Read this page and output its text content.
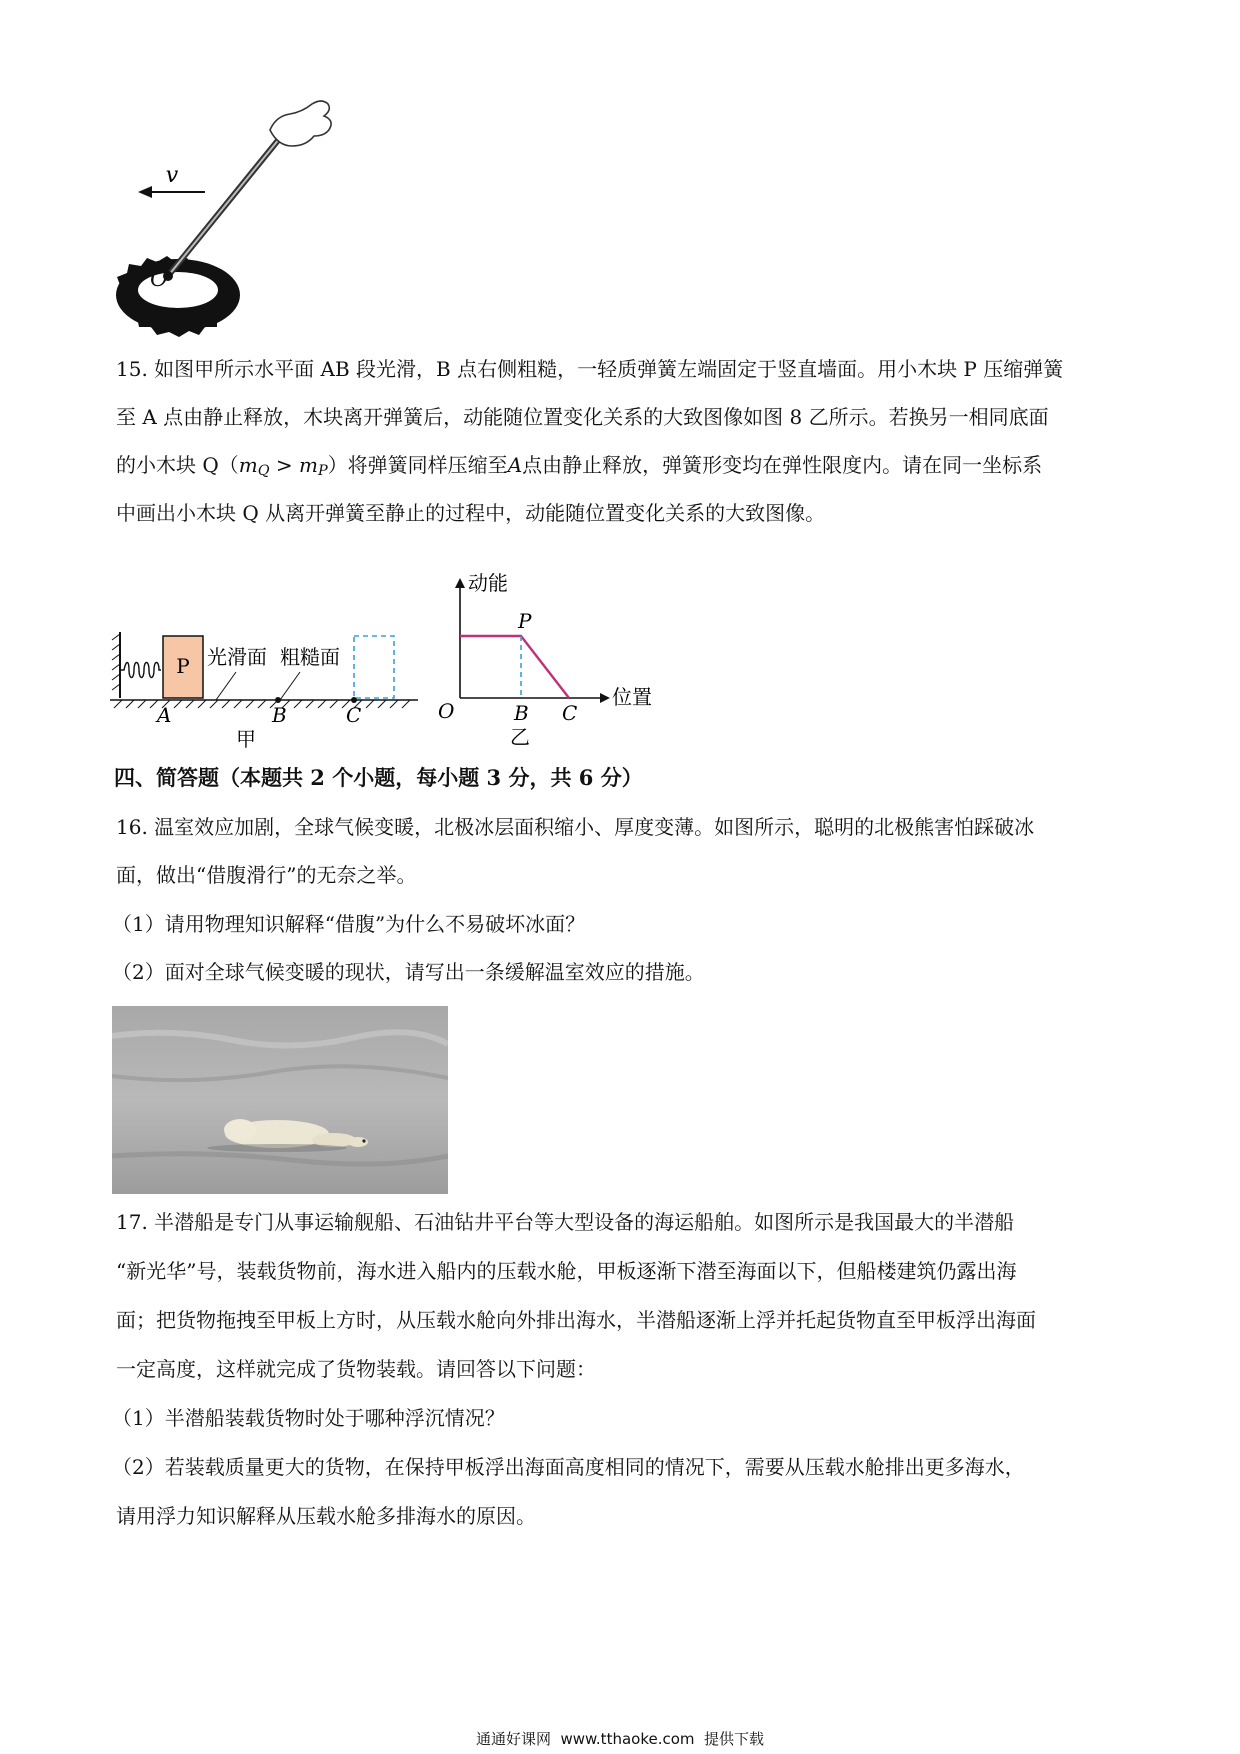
v
O
15. 如图甲所示水平面 AB 段光滑，B 点右侧粗糙，一轻质弹簧左端固定于竖直墙面。用小木块 P 压缩弹簧
至 A 点由静止释放，木块离开弹簧后，动能随位置变化关系的大致图像如图 8 乙所示。若换另一相同底面
的小木块 $Q(m_Q > m_P)$将弹簧同样压缩至A点由静止释放，弹簧形变均在弹性限度内。请在同一坐标系
中画出小木块 Q 从离开弹簧至静止的过程中，动能随位置变化关系的大致图像。
P 光滑面 粗糙面
A	B	C
甲
动能
位置
O
P
B C
乙
四、简答题（本题共 2 个小题，每小题 3 分，共 6 分）
16. 温室效应加剧，全球气候变暖，北极冰层面积缩小、厚度变薄。如图所示，聪明的北极熊害怕踩破冰
面，做出“借腹滑行”的无奈之举。
（1）请用物理知识解释“借腹”为什么不易破坏冰面？
（2）面对全球气候变暖的现状，请写出一条缓解温室效应的措施。
17. 半潜船是专门从事运输舰船、石油钻井平台等大型设备的海运船舶。如图所示是我国最大的半潜船
“新光华”号，装载货物前，海水进入船内的压载水舱，甲板逐渐下潜至海面以下，但船楼建筑仍露出海
面；把货物拖拽至甲板上方时，从压载水舱向外排出海水，半潜船逐渐上浮并托起货物直至甲板浮出海面
一定高度，这样就完成了货物装载。请回答以下问题：
（1）半潜船装载货物时处于哪种浮沉情况？
（2）若装载质量更大的货物，在保持甲板浮出海面高度相同的情况下，需要从压载水舱排出更多海水，
请用浮力知识解释从压载水舱多排海水的原因。
通通好课网  www.tthaoke.com  提供下载
